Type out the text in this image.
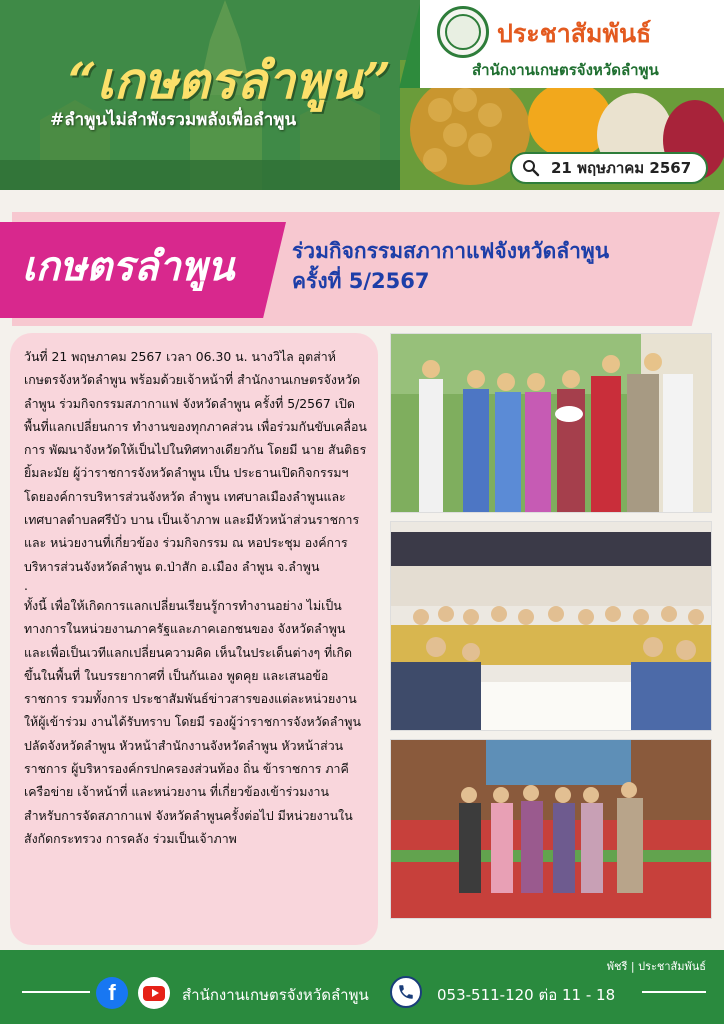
ประชาสัมพันธ์
สำนักงานเกษตรจังหวัดลำพูน
“เกษตรลำพูน”
#ลำพูนไม่ลำพังรวมพลังเพื่อลำพูน
21 พฤษภาคม 2567
เกษตรลำพูน	ร่วมกิจกรรมสภากาแฟจังหวัดลำพูน
ครั้งที่ 5/2567

วันที่ 21 พฤษภาคม 2567 เวลา 06.30 น. นางวิไล อุตส่าห์ เกษตรจังหวัดลำพูน พร้อมด้วยเจ้าหน้าที่ สำนักงานเกษตรจังหวัดลำพูน ร่วมกิจกรรมสภากาแฟ จังหวัดลำพูน ครั้งที่ 5/2567 เปิดพื้นที่แลกเปลี่ยนการ ทำงานของทุกภาคส่วน เพื่อร่วมกันขับเคลื่อนการ พัฒนาจังหวัดให้เป็นไปในทิศทางเดียวกัน โดยมี นาย สันติธร ยิ้มละมัย ผู้ว่าราชการจังหวัดลำพูน เป็น ประธานเปิดกิจกรรมฯ โดยองค์การบริหารส่วนจังหวัด ลำพูน เทศบาลเมืองลำพูนและเทศบาลตำบลศรีบัว บาน เป็นเจ้าภาพ และมีหัวหน้าส่วนราชการ และ หน่วยงานที่เกี่ยวข้อง ร่วมกิจกรรม ณ หอประชุม องค์การบริหารส่วนจังหวัดลำพูน ต.ป่าสัก อ.เมือง ลำพูน จ.ลำพูน

.

ทั้งนี้ เพื่อให้เกิดการแลกเปลี่ยนเรียนรู้การทำงานอย่าง ไม่เป็นทางการในหน่วยงานภาครัฐและภาคเอกชนของ จังหวัดลำพูน และเพื่อเป็นเวทีแลกเปลี่ยนความคิด เห็นในประเด็นต่างๆ ที่เกิดขึ้นในพื้นที่ ในบรรยากาศที่ เป็นกันเอง พูดคุย และเสนอข้อราชการ รวมทั้งการ ประชาสัมพันธ์ข่าวสารของแต่ละหน่วยงานให้ผู้เข้าร่วม งานได้รับทราบ โดยมี รองผู้ว่าราชการจังหวัดลำพูน ปลัดจังหวัดลำพูน หัวหน้าสำนักงานจังหวัดลำพูน หัวหน้าส่วนราชการ ผู้บริหารองค์กรปกครองส่วนท้อง ถิ่น ข้าราชการ ภาคีเครือข่าย เจ้าหน้าที่ และหน่วยงาน ที่เกี่ยวข้องเข้าร่วมงาน สำหรับการจัดสภากาแฟ จังหวัดลำพูนครั้งต่อไป มีหน่วยงานในสังกัดกระทรวง การคลัง ร่วมเป็นเจ้าภาพ

พัชรี | ประชาสัมพันธ์
f	สำนักงานเกษตรจังหวัดลำพูน	053-511-120 ต่อ 11 - 18
